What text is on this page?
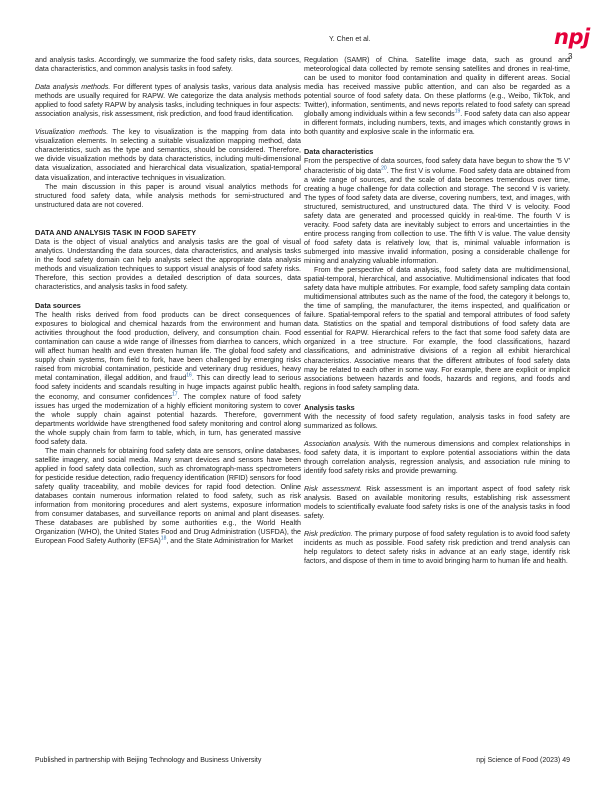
Y. Chen et al.	npj
3

and analysis tasks. Accordingly, we summarize the food safety risks, data sources, data characteristics, and common analysis tasks in food safety.

Data analysis methods. For different types of analysis tasks, various data analysis methods are usually required for RAPW. We categorize the data analysis methods applied to food safety RAPW by analysis tasks, including techniques in four aspects: association analysis, risk assessment, risk prediction, and food fraud identification.

Visualization methods. The key to visualization is the mapping from data into visualization elements. In selecting a suitable visualization mapping method, data characteristics, such as the type and semantics, should be considered. Therefore, we divide visualization methods by data characteristics, including multi-dimensional data visualization, associated and hierarchical data visualization, spatial-temporal data visualization, and interactive techniques in visualization.

The main discussion in this paper is around visual analytics methods for structured food safety data, while analysis methods for semi-structured and unstructured data are not covered.

DATA AND ANALYSIS TASK IN FOOD SAFETY

Data is the object of visual analytics and analysis tasks are the goal of visual analytics. Understanding the data sources, data characteristics, and analysis tasks in the food safety domain can help analysts select the appropriate data analysis methods and visualization techniques to support visual analysis of food safety risks. Therefore, this section provides a detailed description of data sources, data characteristics, and analysis tasks in food safety.

Data sources

The health risks derived from food products can be direct consequences of exposures to biological and chemical hazards from the environment and human activities throughout the food production, delivery, and consumption chain. Food contamination can cause a wide range of illnesses from diarrhea to cancers, which will affect human health and even threaten human life. The global food safety and supply chain systems, from field to fork, have been challenged by emerging risks raised from microbial contamination, pesticide and veterinary drug residues, heavy metal contamination, illegal addition, and fraud$^{16}$. This can directly lead to serious food safety incidents and scandals resulting in huge impacts against public health, the economy, and consumer confidences$^{17}$. The complex nature of food safety issues has urged the modernization of a highly efficient monitoring system to cover the whole supply chain against potential hazards. Therefore, government departments worldwide have strengthened food safety monitoring and control along the whole supply chain from farm to table, which, in turn, has generated massive food safety data.

The main channels for obtaining food safety data are sensors, online databases, satellite imagery, and social media. Many smart devices and sensors have been applied in food safety data collection, such as chromatograph-mass spectrometers for pesticide residue detection, radio frequency identification (RFID) sensors for food safety quality traceability, and mobile devices for rapid food detection. Online databases contain numerous information related to food safety, such as risk information from monitoring procedures and alert systems, exposure information from consumer databases, and surveillance reports on animal and plant diseases. These databases are published by some authorities e.g., the World Health Organization (WHO), the United States Food and Drug Administration (USFDA), the European Food Safety Authority (EFSA)$^{18}$, and the State Administration for Market

Regulation (SAMR) of China. Satellite image data, such as ground and meteorological data collected by remote sensing satellites and drones in real-time, can be used to monitor food contamination and quality in different areas. Social media has received massive public attention, and can also be regarded as a potential source of food safety data. On these platforms (e.g., Weibo, TikTok, and Twitter), information, sentiments, and news reports related to food safety can spread globally among individuals within a few seconds$^{19}$. Food safety data can also appear in different formats, including numbers, texts, and images which constantly grows in both quantity and explosive scale in the informatic era.

Data characteristics

From the perspective of data sources, food safety data have begun to show the '5 V' characteristic of big data$^{20}$. The first V is volume. Food safety data are obtained from a wide range of sources, and the scale of data becomes tremendous over time, creating a huge challenge for data collection and storage. The second V is variety. The types of food safety data are diverse, covering numbers, text, and images, with structured, semistructured, and unstructured data. The third V is velocity. Food safety data are generated and processed quickly in real-time. The fourth V is veracity. Food safety data are inevitably subject to errors and uncertainties in the entire process ranging from collection to use. The fifth V is value. The value density of food safety data is relatively low, that is, minimal valuable information is submerged into massive invalid information, posing a considerable challenge for mining and analyzing valuable information.

From the perspective of data analysis, food safety data are multidimensional, spatial-temporal, hierarchical, and associative. Multidimensional indicates that food safety data have multiple attributes. For example, food safety sampling data contain multidimensional attributes such as the name of the food, the category it belongs to, the time of sampling, the manufacturer, the items inspected, and qualification or failure. Spatial-temporal refers to the spatial and temporal attributes of food safety data. Statistics on the spatial and temporal distributions of food safety data are essential for RAPW. Hierarchical refers to the fact that some food safety data are organized in a tree structure. For example, the food classifications, hazard classifications, and administrative divisions of a region all exhibit hierarchical characteristics. Associative means that the different attributes of food safety data may be related to each other in some way. For example, there are explicit or implicit associations between hazards and foods, hazards and regions, and foods and regions in food safety sampling data.

Analysis tasks

With the necessity of food safety regulation, analysis tasks in food safety are summarized as follows.

Association analysis. With the numerous dimensions and complex relationships in food safety data, it is important to explore potential associations within the data through correlation analysis, regression analysis, and association rule mining to identify food safety risks and provide prewarning.

Risk assessment. Risk assessment is an important aspect of food safety risk analysis. Based on available monitoring results, establishing risk assessment models to scientifically evaluate food safety risks is one of the analysis tasks in food safety.

Risk prediction. The primary purpose of food safety regulation is to avoid food safety incidents as much as possible. Food safety risk prediction and trend analysis can help regulators to detect safety risks in advance at an early stage, identify risk factors, and dispose of them in time to avoid bringing harm to human life and health.

Published in partnership with Beijing Technology and Business University	npj Science of Food (2023) 49
